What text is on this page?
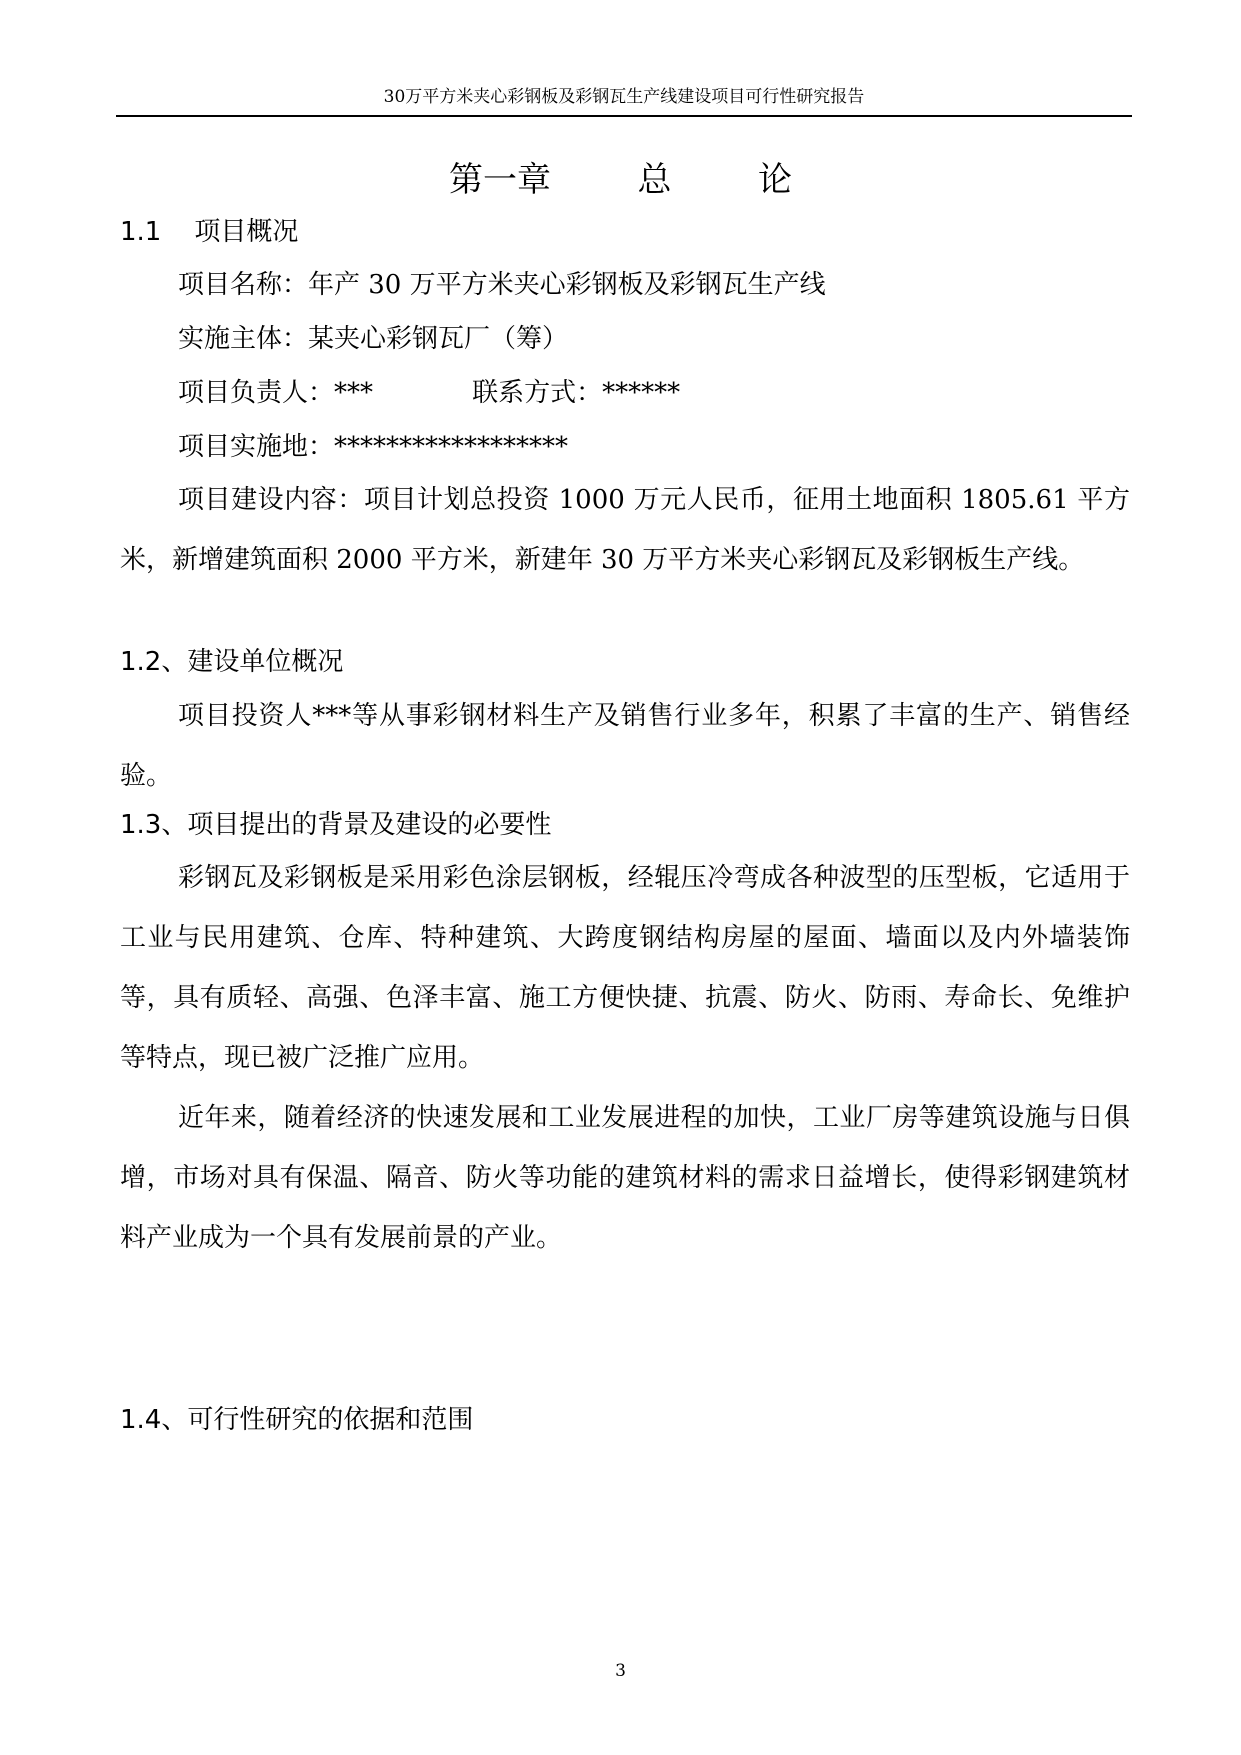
30万平方米夹心彩钢板及彩钢瓦生产线建设项目可行性研究报告
第一章        总        论
1.1    项目概况
项目名称：年产 30 万平方米夹心彩钢板及彩钢瓦生产线
实施主体：某夹心彩钢瓦厂（筹）
项目负责人：***            联系方式：******
项目实施地：******************

项目建设内容：项目计划总投资 1000 万元人民币，征用土地面积 1805.61 平方米，新增建筑面积 2000 平方米，新建年 30 万平方米夹心彩钢瓦及彩钢板生产线。

1.2、建设单位概况

项目投资人***等从事彩钢材料生产及销售行业多年，积累了丰富的生产、销售经验。

1.3、项目提出的背景及建设的必要性

彩钢瓦及彩钢板是采用彩色涂层钢板，经辊压冷弯成各种波型的压型板，它适用于工业与民用建筑、仓库、特种建筑、大跨度钢结构房屋的屋面、墙面以及内外墙装饰等，具有质轻、高强、色泽丰富、施工方便快捷、抗震、防火、防雨、寿命长、免维护等特点，现已被广泛推广应用。

近年来，随着经济的快速发展和工业发展进程的加快，工业厂房等建筑设施与日俱增，市场对具有保温、隔音、防火等功能的建筑材料的需求日益增长，使得彩钢建筑材料产业成为一个具有发展前景的产业。

1.4、可行性研究的依据和范围
3
